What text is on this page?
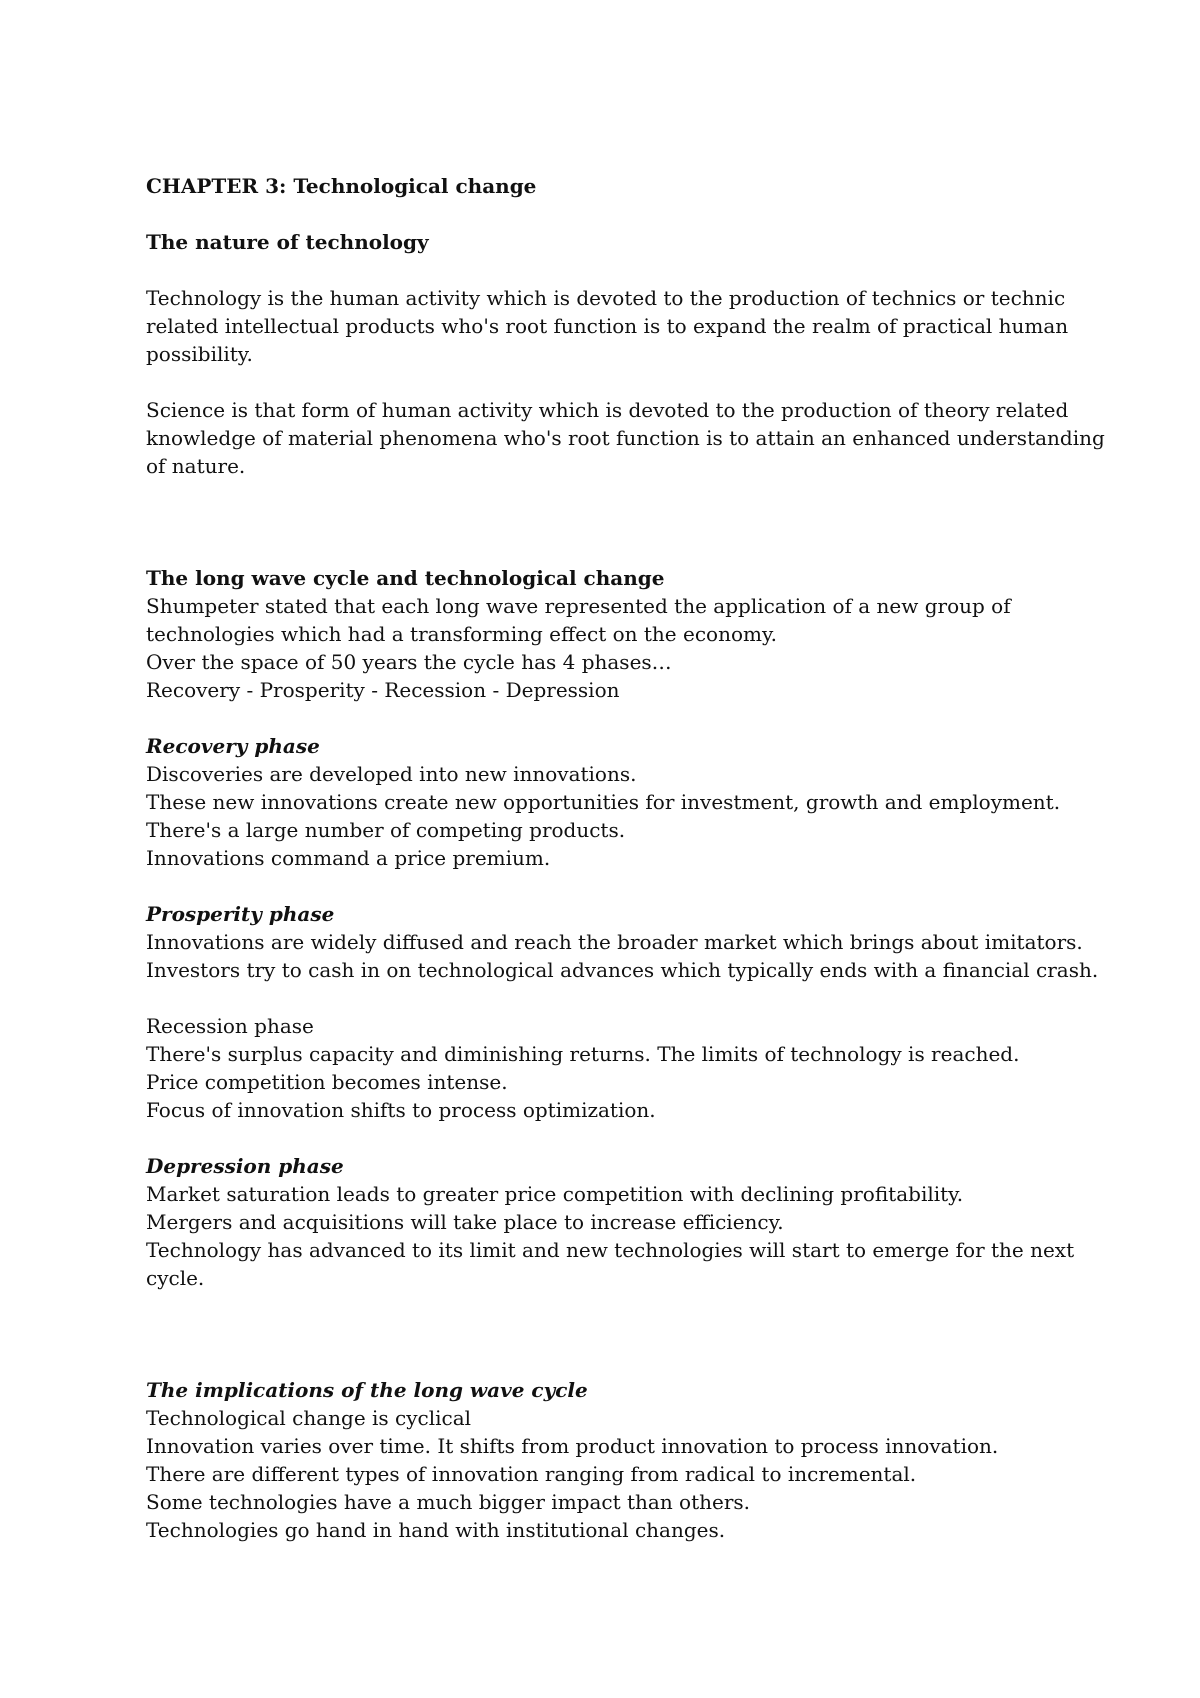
CHAPTER 3: Technological change
The nature of technology
Technology is the human activity which is devoted to the production of technics or technic
related intellectual products who's root function is to expand the realm of practical human
possibility.
Science is that form of human activity which is devoted to the production of theory related
knowledge of material phenomena who's root function is to attain an enhanced understanding
of nature.
The long wave cycle and technological change
Shumpeter stated that each long wave represented the application of a new group of
technologies which had a transforming effect on the economy.
Over the space of 50 years the cycle has 4 phases…
Recovery - Prosperity - Recession - Depression
Recovery phase
Discoveries are developed into new innovations.
These new innovations create new opportunities for investment, growth and employment.
There's a large number of competing products.
Innovations command a price premium.
Prosperity phase
Innovations are widely diffused and reach the broader market which brings about imitators.
Investors try to cash in on technological advances which typically ends with a financial crash.
Recession phase
There's surplus capacity and diminishing returns. The limits of technology is reached.
Price competition becomes intense.
Focus of innovation shifts to process optimization.
Depression phase
Market saturation leads to greater price competition with declining profitability.
Mergers and acquisitions will take place to increase efficiency.
Technology has advanced to its limit and new technologies will start to emerge for the next
cycle.
The implications of the long wave cycle
Technological change is cyclical
Innovation varies over time. It shifts from product innovation to process innovation.
There are different types of innovation ranging from radical to incremental.
Some technologies have a much bigger impact than others.
Technologies go hand in hand with institutional changes.
